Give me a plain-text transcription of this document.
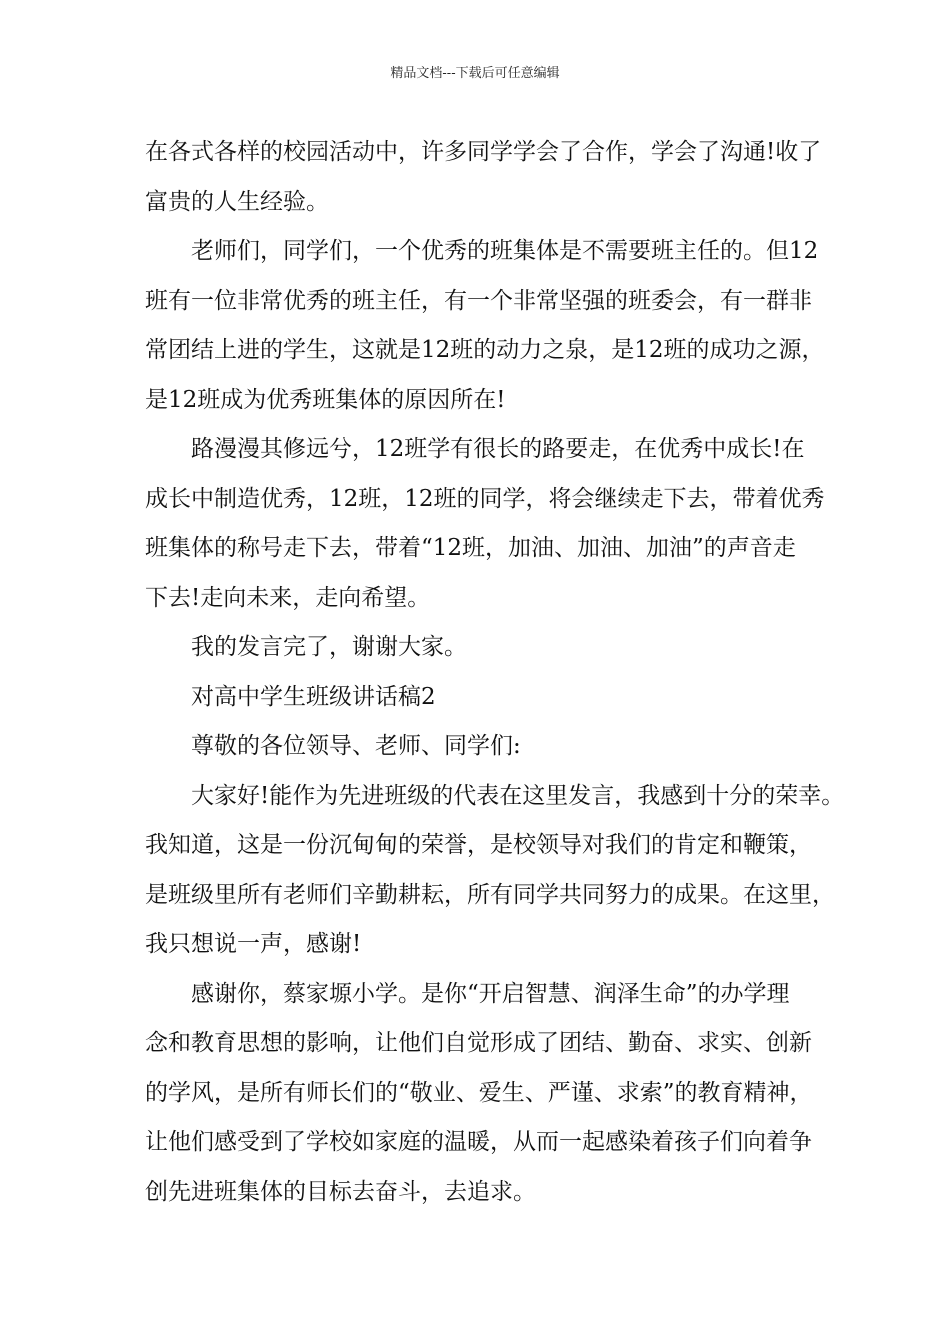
精品文档---下载后可任意编辑
在各式各样的校园活动中，许多同学学会了合作，学会了沟通!收了
富贵的人生经验。
老师们，同学们，一个优秀的班集体是不需要班主任的。但12
班有一位非常优秀的班主任，有一个非常坚强的班委会，有一群非
常团结上进的学生，这就是12班的动力之泉，是12班的成功之源，
是12班成为优秀班集体的原因所在!
路漫漫其修远兮，12班学有很长的路要走，在优秀中成长!在
成长中制造优秀，12班，12班的同学，将会继续走下去，带着优秀
班集体的称号走下去，带着“12班，加油、加油、加油”的声音走
下去!走向未来，走向希望。
我的发言完了，谢谢大家。
对高中学生班级讲话稿2
尊敬的各位领导、老师、同学们:
大家好!能作为先进班级的代表在这里发言，我感到十分的荣幸。
我知道，这是一份沉甸甸的荣誉，是校领导对我们的肯定和鞭策，
是班级里所有老师们辛勤耕耘，所有同学共同努力的成果。在这里，
我只想说一声，感谢!
感谢你，蔡家塬小学。是你“开启智慧、润泽生命”的办学理
念和教育思想的影响，让他们自觉形成了团结、勤奋、求实、创新
的学风，是所有师长们的“敬业、爱生、严谨、求索”的教育精神，
让他们感受到了学校如家庭的温暖，从而一起感染着孩子们向着争
创先进班集体的目标去奋斗，去追求。
